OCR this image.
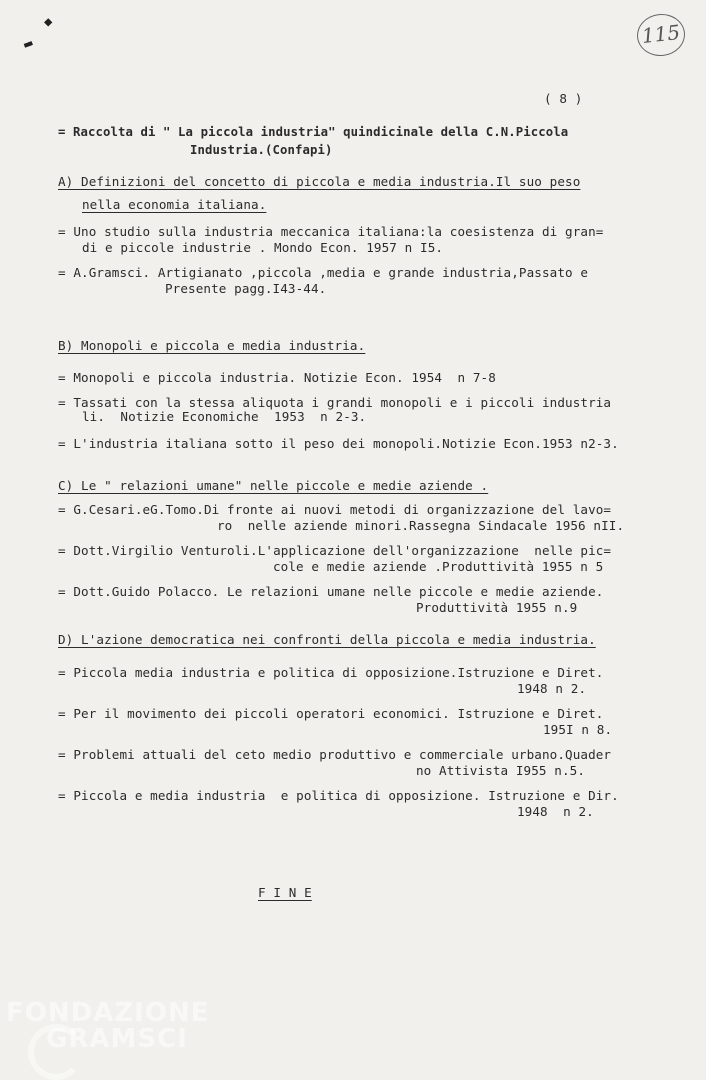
115
◆
▬
( 8 )
= Raccolta di " La piccola industria" quindicinale della C.N.Piccola
Industria.(Confapi)
A) Definizioni del concetto di piccola e media industria.Il suo peso
nella economia italiana.
= Uno studio sulla industria meccanica italiana:la coesistenza di gran=
di e piccole industrie . Mondo Econ. 1957 n I5.
= A.Gramsci. Artigianato ,piccola ,media e grande industria,Passato e
Presente pagg.I43-44.
B) Monopoli e piccola e media industria.
= Monopoli e piccola industria. Notizie Econ. 1954  n 7-8
= Tassati con la stessa aliquota i grandi monopoli e i piccoli industria
li.  Notizie Economiche  1953  n 2-3.
= L'industria italiana sotto il peso dei monopoli.Notizie Econ.1953 n2-3.
C) Le " relazioni umane" nelle piccole e medie aziende .
= G.Cesari.eG.Tomo.Di fronte ai nuovi metodi di organizzazione del lavo=
ro  nelle aziende minori.Rassegna Sindacale 1956 nII.
= Dott.Virgilio Venturoli.L'applicazione dell'organizzazione  nelle pic=
cole e medie aziende .Produttività 1955 n 5
= Dott.Guido Polacco. Le relazioni umane nelle piccole e medie aziende.
Produttività 1955 n.9
D) L'azione democratica nei confronti della piccola e media industria.
= Piccola media industria e politica di opposizione.Istruzione e Diret.
1948 n 2.
= Per il movimento dei piccoli operatori economici. Istruzione e Diret.
195I n 8.
= Problemi attuali del ceto medio produttivo e commerciale urbano.Quader
no Attivista I955 n.5.
= Piccola e media industria  e politica di opposizione. Istruzione e Dir.
1948  n 2.
F I N E
FONDAZIONE
GRAMSCI
